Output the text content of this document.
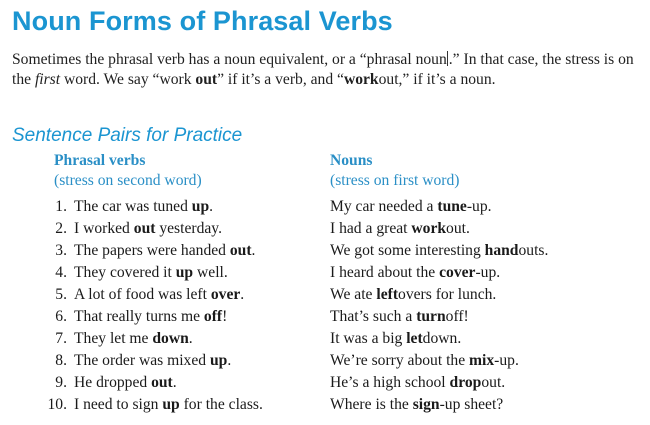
Noun Forms of Phrasal Verbs
Sometimes the phrasal verb has a noun equivalent, or a “phrasal noun .” In that case, the stress is on the first word. We say “work out” if it’s a verb, and “workout,” if it’s a noun.
Sentence Pairs for Practice
Phrasal verbs
(stress on second word)
Nouns
(stress on first word)
1. The car was tuned up.	My car needed a tune-up.
2. I worked out yesterday.	I had a great workout.
3. The papers were handed out.	We got some interesting handouts.
4. They covered it up well.	I heard about the cover-up.
5. A lot of food was left over.	We ate leftovers for lunch.
6. That really turns me off!	That’s such a turnoff!
7. They let me down.	It was a big letdown.
8. The order was mixed up.	We’re sorry about the mix-up.
9. He dropped out.	He’s a high school dropout.
10. I need to sign up for the class.	Where is the sign-up sheet?
